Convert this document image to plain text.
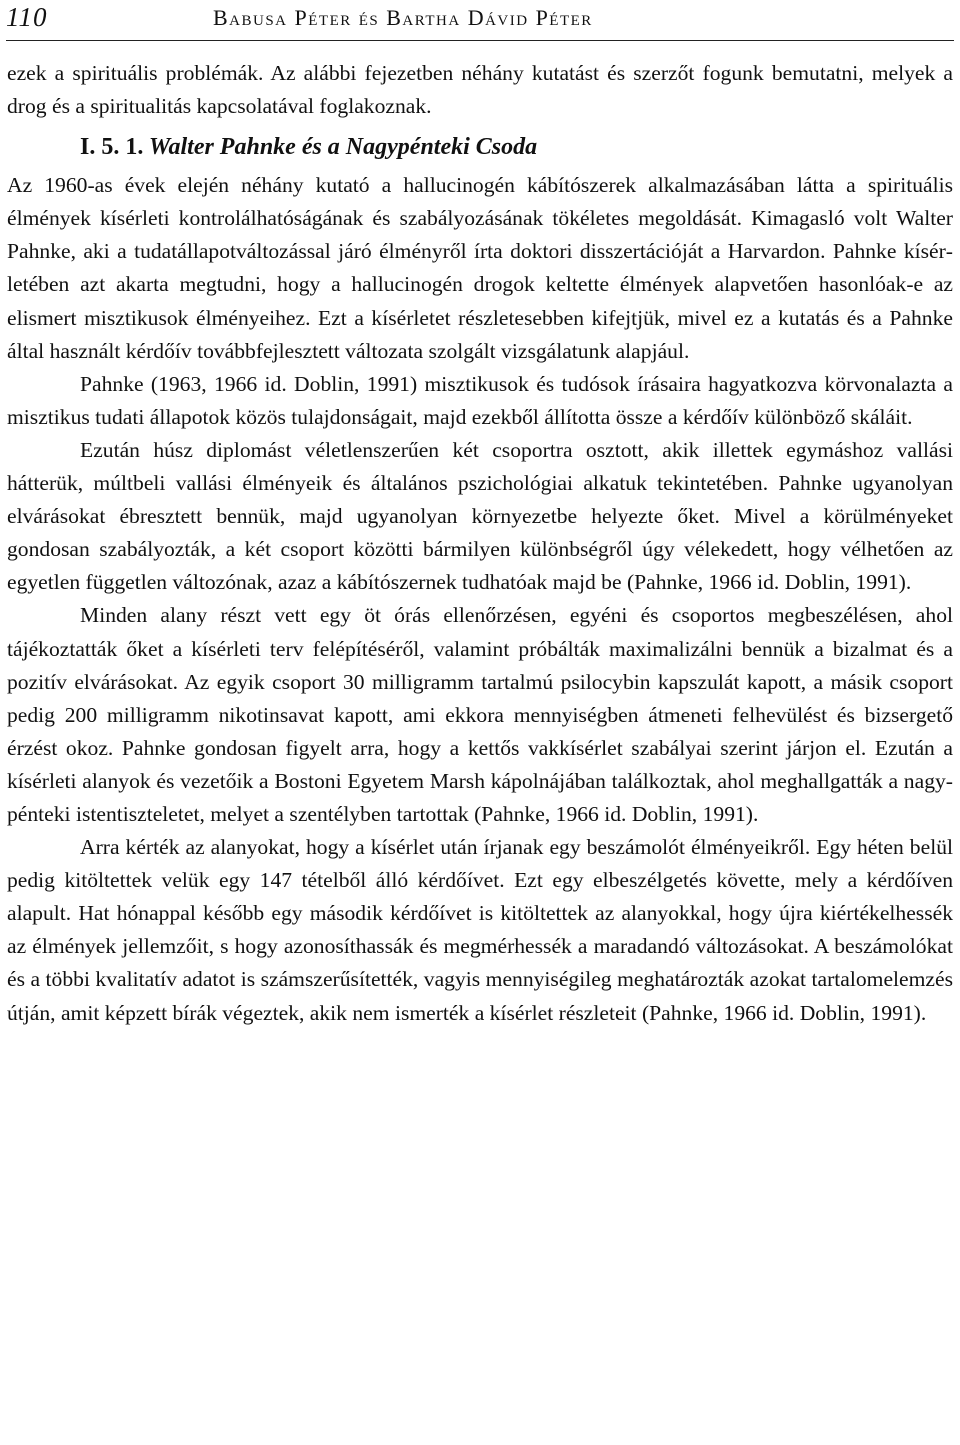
110	Babusa Péter és Bartha Dávid Péter

ezek a spirituális problémák. Az alábbi fejezetben néhány kutatást és szerzőt fogunk bemutatni, melyek a drog és a spiritualitás kapcsolatával foglakoznak.

I. 5. 1. Walter Pahnke és a Nagypénteki Csoda

Az 1960-as évek elején néhány kutató a hallucinogén kábítószerek alkalmazásában látta a spirituális élmények kísérleti kontrolálhatóságának és szabályozásának tökéletes megoldását. Kimagasló volt Walter Pahnke, aki a tudatállapotváltozással járó élményről írta doktori disszertációját a Harvardon. Pahnke kísérletében azt akarta megtudni, hogy a hallucinogén drogok keltette élmények alapvetően hasonlóak-e az elismert misztikusok élményeihez. Ezt a kísérletet részletesebben kifejtjük, mivel ez a kutatás és a Pahnke által használt kérdőív továbbfejlesztett változata szolgált vizsgálatunk alapjául.

Pahnke (1963, 1966 id. Doblin, 1991) misztikusok és tudósok írásaira hagyatkozva körvonalazta a misztikus tudati állapotok közös tulajdonságait, majd ezekből állította össze a kérdőív különböző skáláit.

Ezután húsz diplomást véletlenszerűen két csoportra osztott, akik illettek egymáshoz vallási hátterük, múltbeli vallási élményeik és általános pszichológiai alkatuk tekintetében. Pahnke ugyanolyan elvárásokat ébresztett bennük, majd ugyanolyan környezetbe helyezte őket. Mivel a körülményeket gondosan szabályozták, a két csoport közötti bármilyen különbségről úgy vélekedett, hogy vélhetően az egyetlen független változónak, azaz a kábítószernek tudhatóak majd be (Pahnke, 1966 id. Doblin, 1991).

Minden alany részt vett egy öt órás ellenőrzésen, egyéni és csoportos megbeszélésen, ahol tájékoztatták őket a kísérleti terv felépítéséről, valamint próbálták maximalizálni bennük a bizalmat és a pozitív elvárásokat. Az egyik csoport 30 milligramm tartalmú psilocybin kapszulát kapott, a másik csoport pedig 200 milligramm nikotinsavat kapott, ami ekkora mennyiségben átmeneti felhevülést és bizsergető érzést okoz. Pahnke gondosan figyelt arra, hogy a kettős vakkísérlet szabályai szerint járjon el. Ezután a kísérleti alanyok és vezetőik a Bostoni Egyetem Marsh kápolnájában találkoztak, ahol meghallgatták a nagypénteki istentiszteletet, melyet a szentélyben tartottak (Pahnke, 1966 id. Doblin, 1991).

Arra kérték az alanyokat, hogy a kísérlet után írjanak egy beszámolót élményeikről. Egy héten belül pedig kitöltettek velük egy 147 tételből álló kérdőívet. Ezt egy elbeszélgetés követte, mely a kérdőíven alapult. Hat hónappal később egy második kérdőívet is kitöltettek az alanyokkal, hogy újra kiértékelhessék az élmények jellemzőit, s hogy azonosíthassák és megmérhessék a maradandó változásokat. A beszámolókat és a többi kvalitatív adatot is számszerűsítették, vagyis mennyiségileg meghatározták azokat tartalomelemzés útján, amit képzett bírák végeztek, akik nem ismerték a kísérlet részleteit (Pahnke, 1966 id. Doblin, 1991).
